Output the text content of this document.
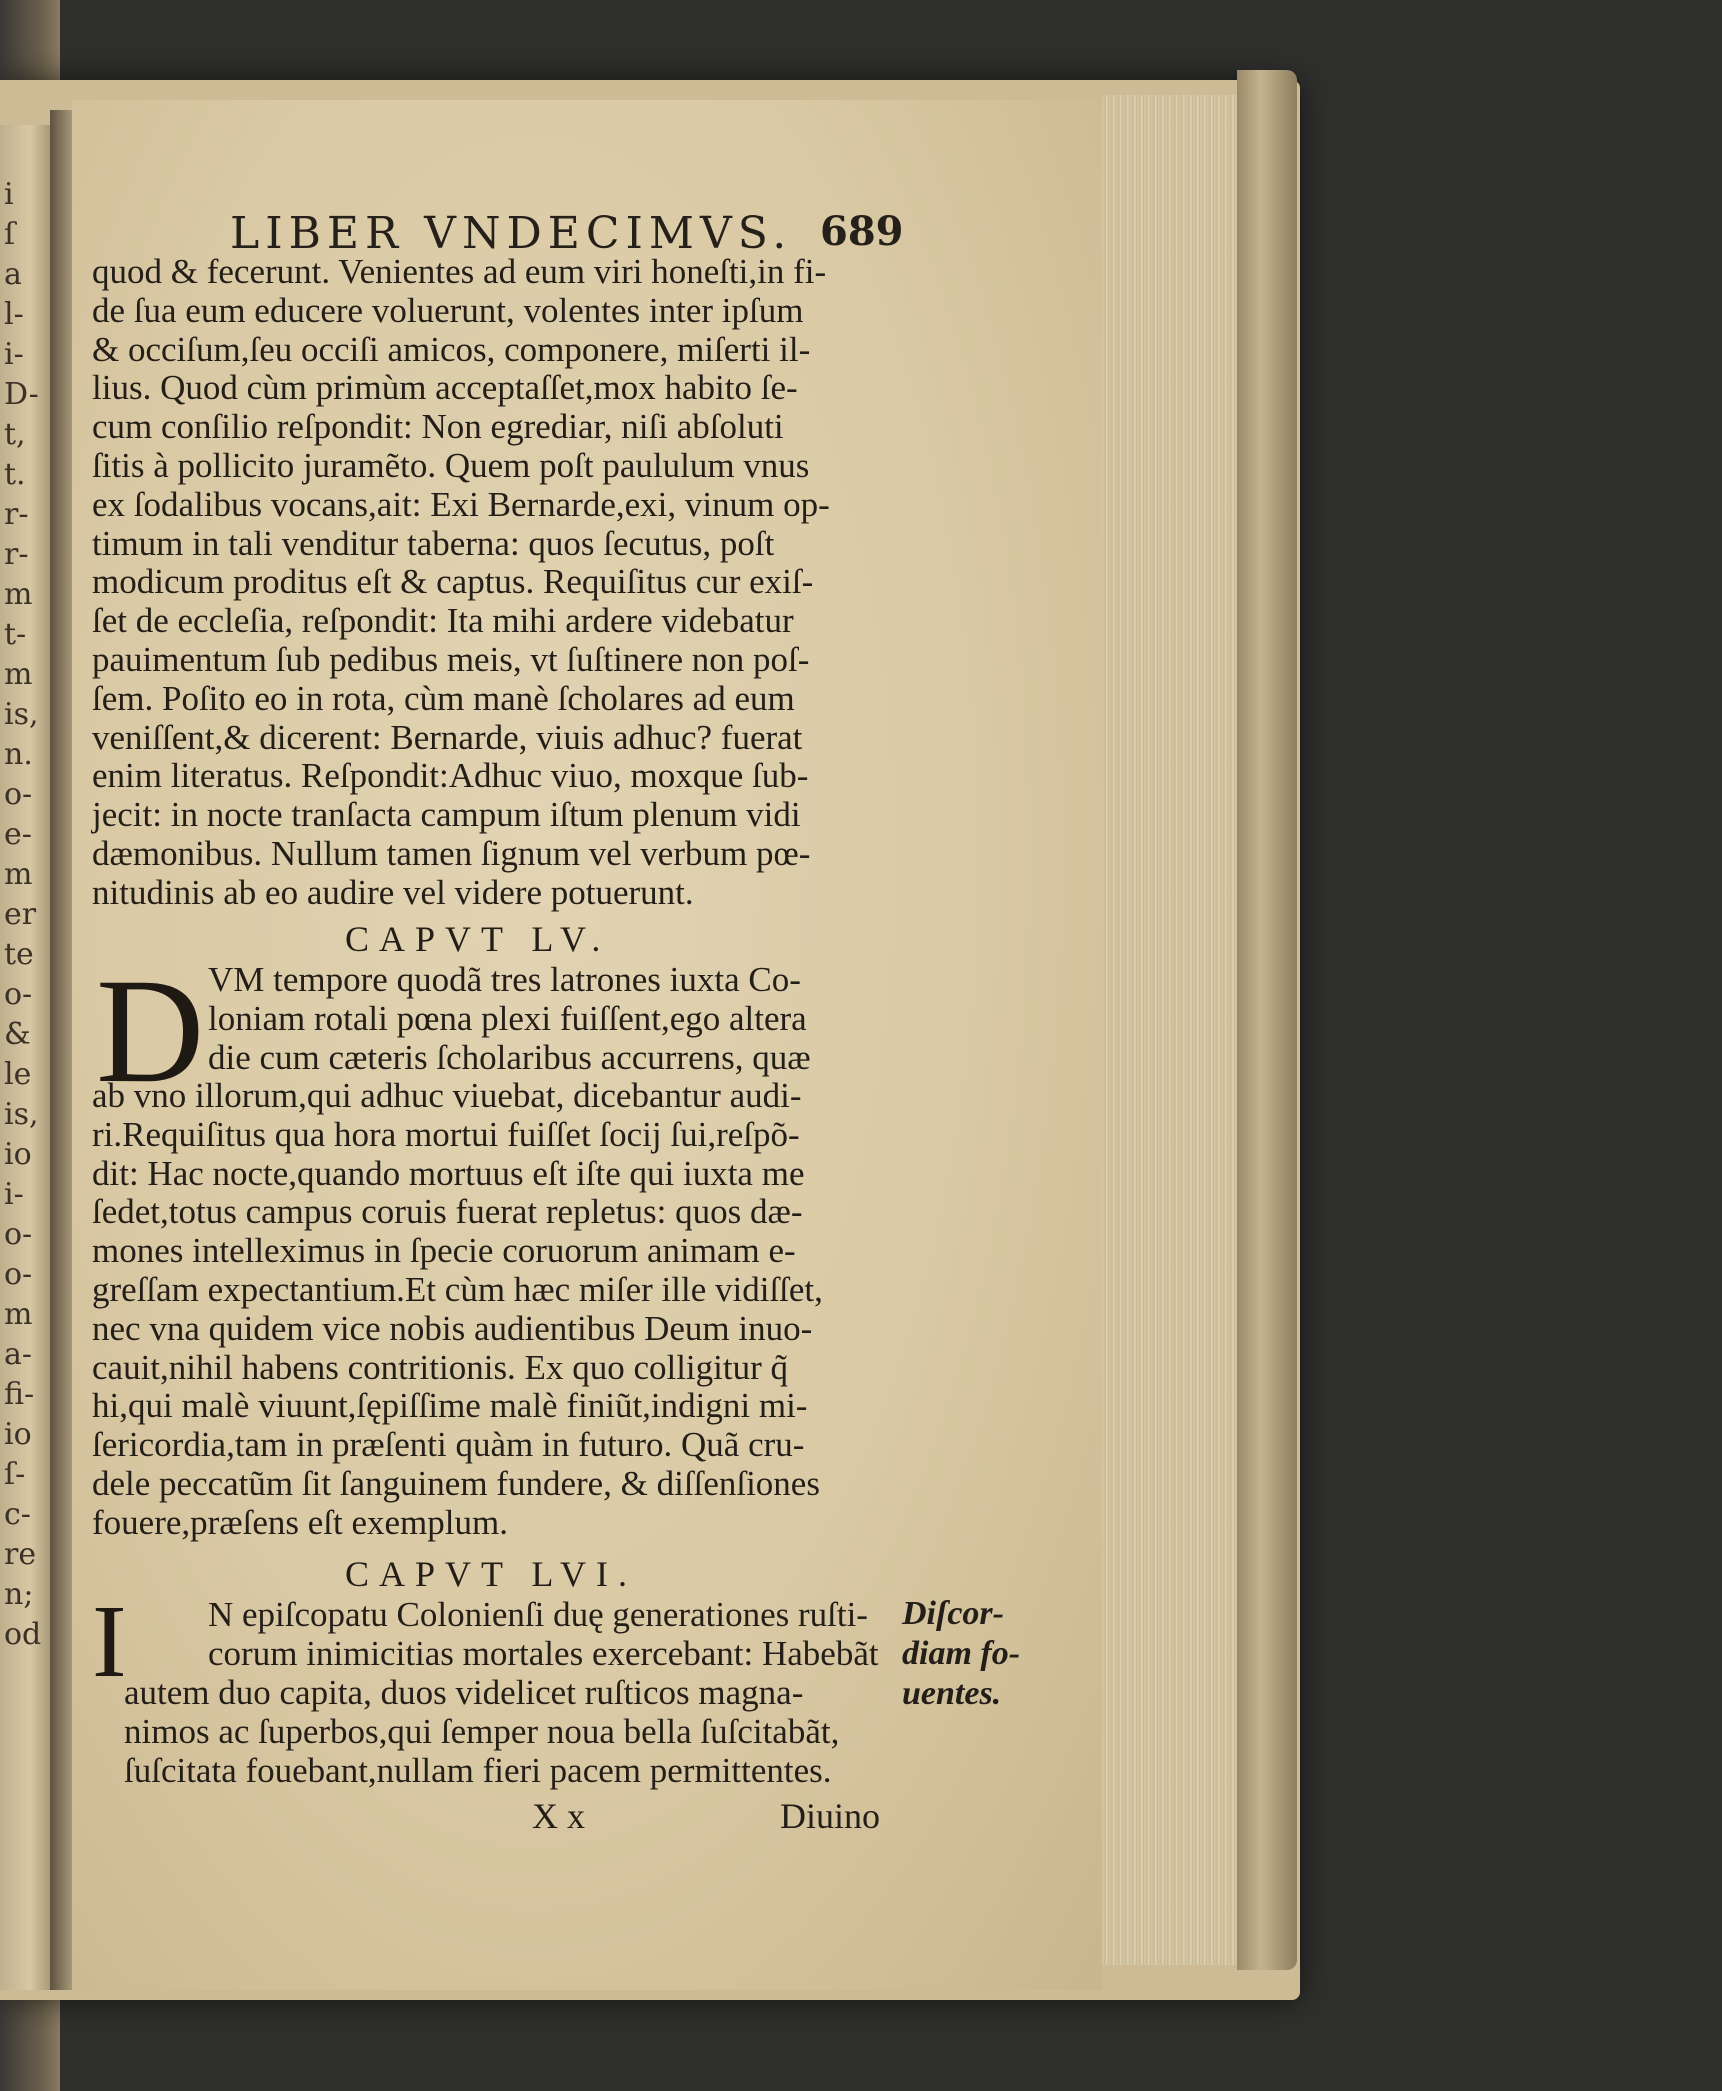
i
ſ
a
l-
i-
D-
t,
t.
r-
r-
m
t-
m
is,
n.
o-
e-
m
er
te
o-
&
le
is,
io
i-
o-
o-
m
a-
fi-
io
ſ-
c-
re
n;
od
LIBER VNDECIMVS. 689
quod & fecerunt. Venientes ad eum viri honeſti,in fi-
de ſua eum educere voluerunt, volentes inter ipſum
& occiſum,ſeu occiſi amicos, componere, miſerti il-
lius. Quod cùm primùm acceptaſſet,mox habito ſe-
cum conſilio reſpondit: Non egrediar, niſi abſoluti
ſitis à pollicito juramẽto. Quem poſt paululum vnus
ex ſodalibus vocans,ait: Exi Bernarde,exi, vinum op-
timum in tali venditur taberna: quos ſecutus, poſt
modicum proditus eſt & captus. Requiſitus cur exiſ-
ſet de eccleſia, reſpondit: Ita mihi ardere videbatur
pauimentum ſub pedibus meis, vt ſuſtinere non poſ-
ſem. Poſito eo in rota, cùm manè ſcholares ad eum
veniſſent,& dicerent: Bernarde, viuis adhuc? fuerat
enim literatus. Reſpondit:Adhuc viuo, moxque ſub-
jecit: in nocte tranſacta campum iſtum plenum vidi
dæmonibus. Nullum tamen ſignum vel verbum pœ-
nitudinis ab eo audire vel videre potuerunt.
CAPVT LV.
D VM tempore quodã tres latrones iuxta Co-
loniam rotali pœna plexi fuiſſent,ego altera
die cum cæteris ſcholaribus accurrens, quæ
ab vno illorum,qui adhuc viuebat, dicebantur audi-
ri.Requiſitus qua hora mortui fuiſſet ſocij ſui,reſpõ-
dit: Hac nocte,quando mortuus eſt iſte qui iuxta me
ſedet,totus campus coruis fuerat repletus: quos dæ-
mones intelleximus in ſpecie coruorum animam e-
greſſam expectantium.Et cùm hæc miſer ille vidiſſet,
nec vna quidem vice nobis audientibus Deum inuo-
cauit,nihil habens contritionis. Ex quo colligitur q̃
hi,qui malè viuunt,ſępiſſime malè finiũt,indigni mi-
ſericordia,tam in præſenti quàm in futuro. Quã cru-
dele peccatũm ſit ſanguinem fundere, & diſſenſiones
fouere,præſens eſt exemplum.
CAPVT LVI.
I N epiſcopatu Colonienſi duę generationes ruſti-
corum inimicitias mortales exercebant: Habebãt
autem duo capita, duos videlicet ruſticos magna-
nimos ac ſuperbos,qui ſemper noua bella ſuſcitabãt,
ſuſcitata fouebant,nullam fieri pacem permittentes.
Diſcor-
diam fo-
uentes.
X x	Diuino
